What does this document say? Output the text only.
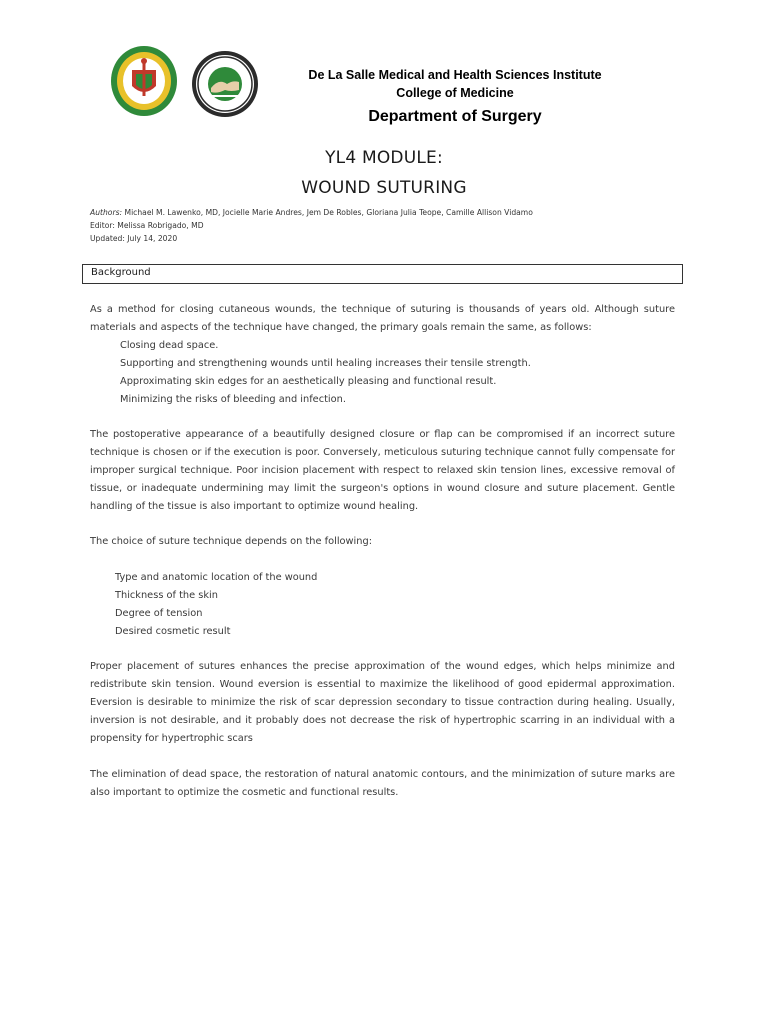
De La Salle Medical and Health Sciences Institute
College of Medicine
Department of Surgery
YL4 MODULE:
WOUND SUTURING
Authors: Michael M. Lawenko, MD, Jocielle Marie Andres, Jem De Robles, Gloriana Julia Teope, Camille Allison Vidamo
Editor: Melissa Robrigado, MD
Updated: July 14, 2020
Background
As a method for closing cutaneous wounds, the technique of suturing is thousands of years old. Although suture materials and aspects of the technique have changed, the primary goals remain the same, as follows:
Closing dead space.
Supporting and strengthening wounds until healing increases their tensile strength.
Approximating skin edges for an aesthetically pleasing and functional result.
Minimizing the risks of bleeding and infection.
The postoperative appearance of a beautifully designed closure or flap can be compromised if an incorrect suture technique is chosen or if the execution is poor. Conversely, meticulous suturing technique cannot fully compensate for improper surgical technique. Poor incision placement with respect to relaxed skin tension lines, excessive removal of tissue, or inadequate undermining may limit the surgeon's options in wound closure and suture placement. Gentle handling of the tissue is also important to optimize wound healing.
The choice of suture technique depends on the following:
Type and anatomic location of the wound
Thickness of the skin
Degree of tension
Desired cosmetic result
Proper placement of sutures enhances the precise approximation of the wound edges, which helps minimize and redistribute skin tension. Wound eversion is essential to maximize the likelihood of good epidermal approximation. Eversion is desirable to minimize the risk of scar depression secondary to tissue contraction during healing. Usually, inversion is not desirable, and it probably does not decrease the risk of hypertrophic scarring in an individual with a propensity for hypertrophic scars
The elimination of dead space, the restoration of natural anatomic contours, and the minimization of suture marks are also important to optimize the cosmetic and functional results.
